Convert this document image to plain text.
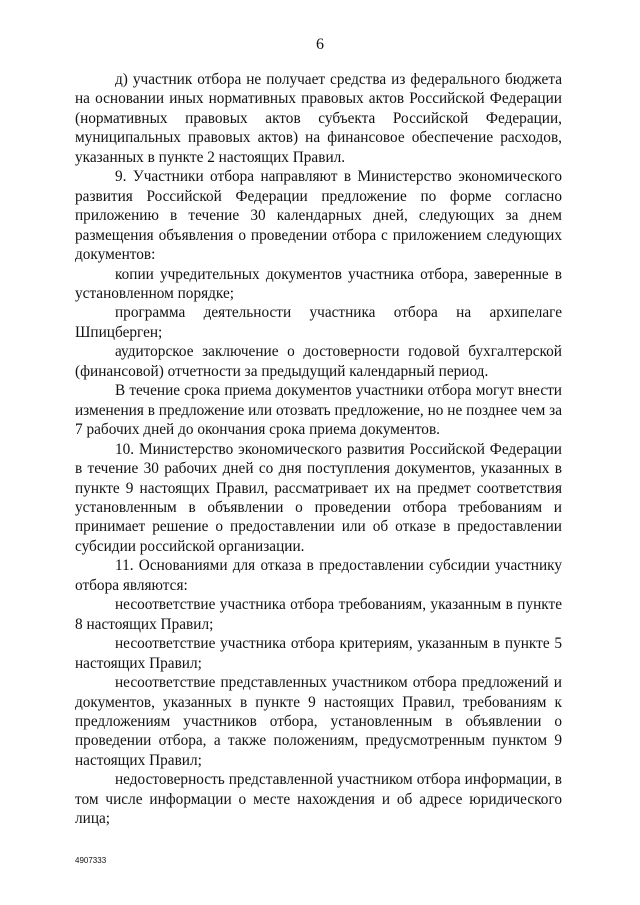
6

д) участник отбора не получает средства из федерального бюджета на основании иных нормативных правовых актов Российской Федерации (нормативных правовых актов субъекта Российской Федерации, муниципальных правовых актов) на финансовое обеспечение расходов, указанных в пункте 2 настоящих Правил.

9. Участники отбора направляют в Министерство экономического развития Российской Федерации предложение по форме согласно приложению в течение 30 календарных дней, следующих за днем размещения объявления о проведении отбора с приложением следующих документов:

копии учредительных документов участника отбора, заверенные в установленном порядке;

программа деятельности участника отбора на архипелаге Шпицберген;

аудиторское заключение о достоверности годовой бухгалтерской (финансовой) отчетности за предыдущий календарный период.

В течение срока приема документов участники отбора могут внести изменения в предложение или отозвать предложение, но не позднее чем за 7 рабочих дней до окончания срока приема документов.

10. Министерство экономического развития Российской Федерации в течение 30 рабочих дней со дня поступления документов, указанных в пункте 9 настоящих Правил, рассматривает их на предмет соответствия установленным в объявлении о проведении отбора требованиям и принимает решение о предоставлении или об отказе в предоставлении субсидии российской организации.

11. Основаниями для отказа в предоставлении субсидии участнику отбора являются:

несоответствие участника отбора требованиям, указанным в пункте 8 настоящих Правил;

несоответствие участника отбора критериям, указанным в пункте 5 настоящих Правил;

несоответствие представленных участником отбора предложений и документов, указанных в пункте 9 настоящих Правил, требованиям к предложениям участников отбора, установленным в объявлении о проведении отбора, а также положениям, предусмотренным пунктом 9 настоящих Правил;

недостоверность представленной участником отбора информации, в том числе информации о месте нахождения и об адресе юридического лица;

4907333
